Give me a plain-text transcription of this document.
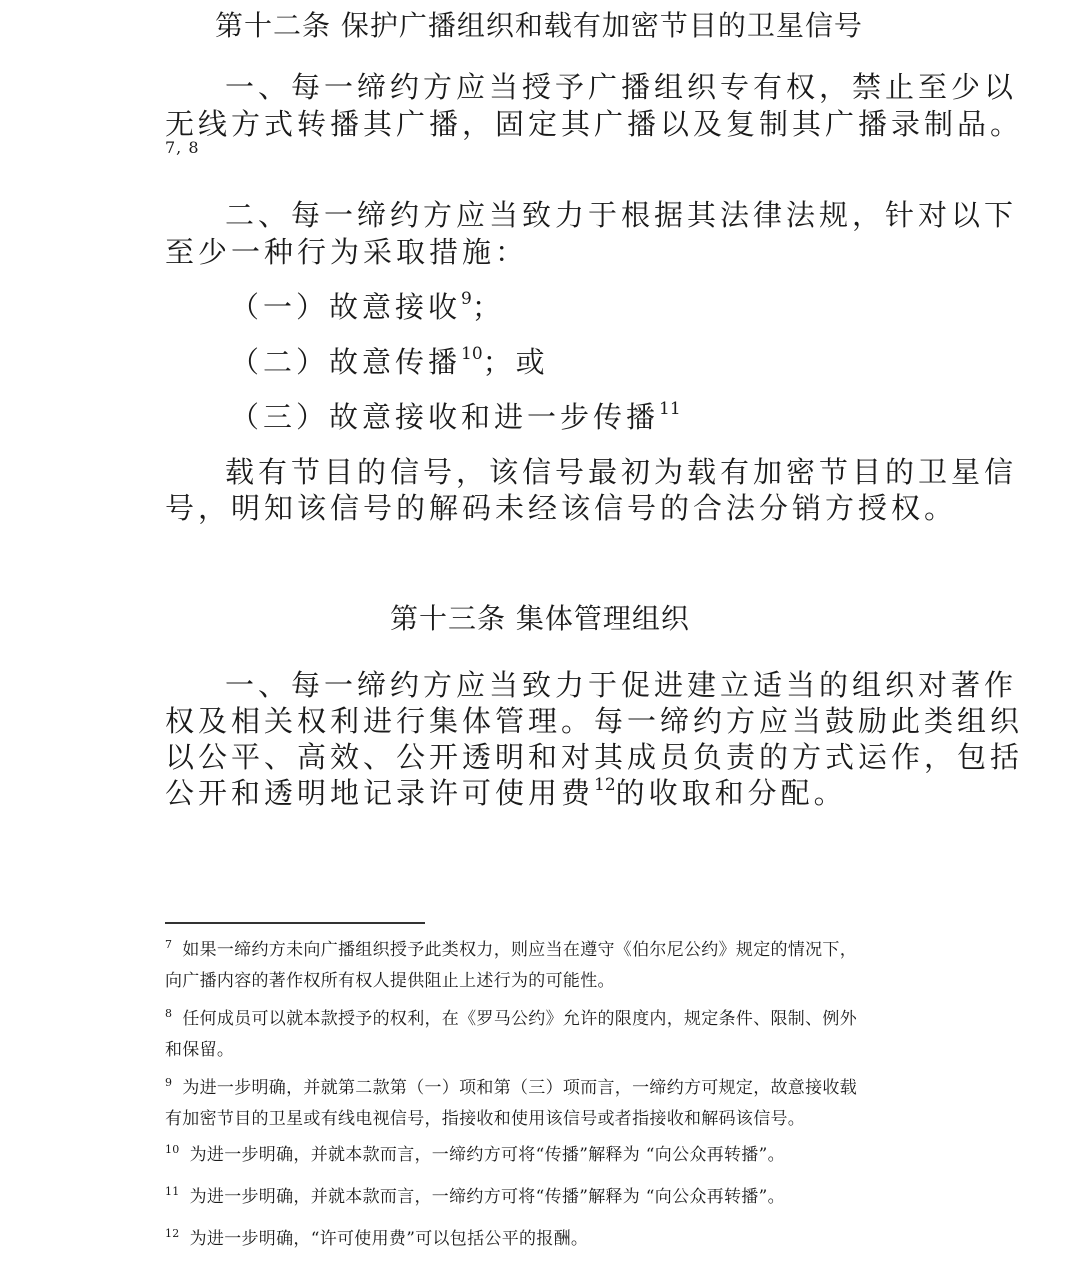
第十二条 保护广播组织和载有加密节目的卫星信号
一、每一缔约方应当授予广播组织专有权，禁止至少以
无线方式转播其广播，固定其广播以及复制其广播录制品。
7, 8
二、每一缔约方应当致力于根据其法律法规，针对以下
至少一种行为采取措施：
（一）故意接收$^9$；
（二）故意传播$^{10}$；或
（三）故意接收和进一步传播$^{11}$
载有节目的信号，该信号最初为载有加密节目的卫星信
号，明知该信号的解码未经该信号的合法分销方授权。
第十三条 集体管理组织
一、每一缔约方应当致力于促进建立适当的组织对著作
权及相关权利进行集体管理。每一缔约方应当鼓励此类组织
以公平、高效、公开透明和对其成员负责的方式运作，包括
公开和透明地记录许可使用费$^{12}$的收取和分配。
$^7$ 如果一缔约方未向广播组织授予此类权力，则应当在遵守《伯尔尼公约》规定的情况下，
向广播内容的著作权所有权人提供阻止上述行为的可能性。
$^8$ 任何成员可以就本款授予的权利，在《罗马公约》允许的限度内，规定条件、限制、例外
和保留。
$^9$ 为进一步明确，并就第二款第（一）项和第（三）项而言，一缔约方可规定，故意接收载
有加密节目的卫星或有线电视信号，指接收和使用该信号或者指接收和解码该信号。
$^{10}$ 为进一步明确，并就本款而言，一缔约方可将“传播”解释为 “向公众再转播”。
$^{11}$ 为进一步明确，并就本款而言，一缔约方可将“传播”解释为 “向公众再转播”。
$^{12}$ 为进一步明确，“许可使用费”可以包括公平的报酬。
